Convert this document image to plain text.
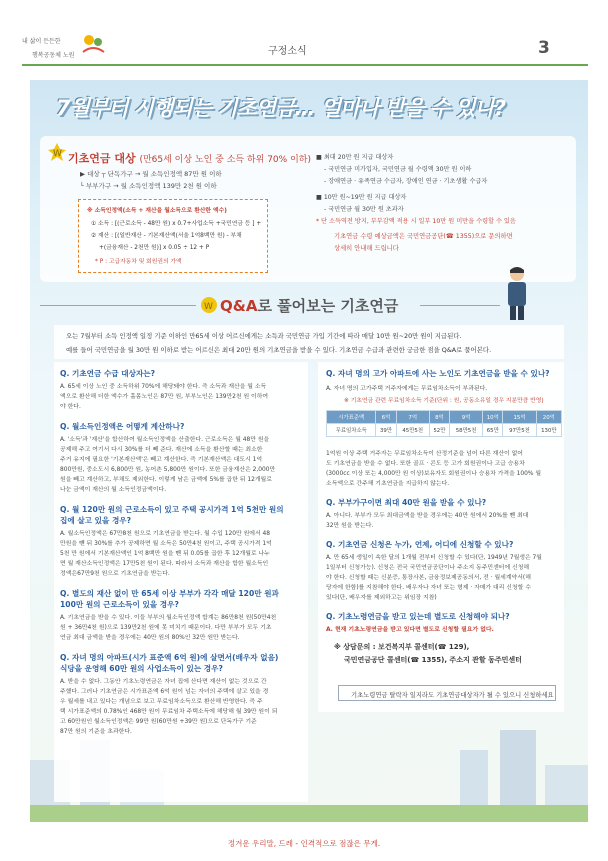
내 삶이 든든한
행복공동체 노원	구정소식	3
7월부터 시행되는 기초연금… 얼마나 받을 수 있나?
W 기초연금 대상 (만65세 이상 노인 중 소득 하위 70% 이하)
▶ 대상 ┬ 단독가구 → 월 소득인정액 87만 원 이하
└ 부부가구 → 월 소득인정액 139만 2천 원 이하
※ 소득인정액(소득 + 재산을 월소득으로 환산한 액수)
① 소득 : [(근로소득 - 48만 원) x 0.7+사업소득 +국민연금 등 ] +
② 재산 : [(일반재산 - 기본재산액(서울 1억8백만 원) - 부채
+(금융재산 - 2천만 원)] x 0.05 ÷ 12 + P
* P : 고급자동차 및 회원권의 가액
■ 최대 20만 원 지급 대상자
- 국민연금 미가입자, 국민연금 월 수령액 30만 원 이하
- 장애연금 · 유족연금 수급자, 장애인 연금 · 기초생활 수급자
■ 10만 원~19만 원 지급 대상자
- 국민연금 월 30만 원 초과자
* 단 소득역전 방지, 부부감액 적용 시 일부 10만 원 미만을 수령할 수 있음
기초연금 수령 예상금액은 국민연금공단(☎ 1355)으로 문의하면
상세히 안내해 드립니다
W Q&A로 풀어보는 기초연금
오는 7월부터 소득 인정액 일정 기준 이하인 만65세 이상 어르신에게는 소득과 국민연금 가입 기간에 따라 매달 10만 원~20만 원이 지급된다.
예를 들어 국민연금을 월 30만 원 이하로 받는 어르신은 최대 20만 원의 기초연금을 받을 수 있다. 기초연금 수급과 관련한 궁금한 점을 Q&A로 풀어본다.
Q. 기초연금 수급 대상자는?
A. 65세 이상 노인 중 소득하위 70%에 해당돼야 한다. 즉 소득과 재산을 월 소득
액으로 환산해 더한 액수가 홀몸노인은 87만 원, 부부노인은 139만2천 원 이하여
야 한다.
Q. 월소득인정액은 어떻게 계산하나?
A. '소득'과 '재산'을 합산하여 월소득인정액을 산출한다. 근로소득은 월 48만 원을
공제해 주고 여기서 다시 30%를 더 빼 준다. 재산에 소득을 환산할 때는 최소한
주거 유지에 필요한 '기본재산액'은 빼고 계산한다. 즉 기본재산액은 대도시 1억
800만원, 중소도시 6,800만 원, 농어촌 5,800만 원이다. 또한 금융재산은 2,000만
원을 빼고 계산하고, 부채도 제외한다. 이렇게 남은 금액에 5%를 곱한 뒤 12개월로
나눈 금액이 재산의 월 소득인정금액이다.
Q. 월 120만 원의 근로소득이 있고 주택 공시가격 1억 5천만 원의
집에 살고 있을 경우?
A. 월소득인정액은 67만8천 원으로 기초연금을 받는다. 월 수입 120만 원에서 48
만원을 뺀 뒤 30%를 추가 공제하면 월 소득은 50만4천 원이고, 주택 공시가격 1억
5천 만 원에서 기본재산액인 1억 8백만 원을 뺀 뒤 0.05를 곱한 후 12개월로 나누
면 월 재산소득인정액은 17만5천 원이 된다. 따라서 소득과 재산을 합한 월소득인
정액은67만9천 원으로 기초연금을 받는다.
Q. 별도의 재산 없이 만 65세 이상 부부가 각각 매달 120만 원과
100만 원의 근로소득이 있을 경우?
A. 기초연금을 받을 수 있다. 이들 부부의 월소득인정액 합계는 86만8천 원(50만4천
원 + 36만4천 원)으로 139만2천 원에 못 미치기 때문이다. 다만 부부가 모두 기초
연금 최대 금액을 받을 경우에는 40만 원의 80%인 32만 원만 받는다.
Q. 자녀 명의 아파트(시가 표준액 6억 원)에 살면서(배우자 없음)
식당을 운영해 60만 원의 사업소득이 있는 경우?
A. 받을 수 없다. 그동안 기초노령연금은 자녀 집에 산다면 재산이 없는 것으로 간
주했다. 그러나 기초연금은 시가표준액 6억 원이 넘는 자녀의 주택에 살고 있을 경
우 월세를 내고 있다는 개념으로 보고 무료임차소득으로 환산해 반영한다. 즉 주
택 시가표준액의 0.78%인 468만 원이 무료임차 주택소득에 해당해 월 39만 원이 되
고 60만원인 월소득인정액은 99만 원(60만원 +39만 원)으로 단독가구 기준
87만 원의 기준을 초과한다.
Q. 자녀 명의 고가 아파트에 사는 노인도 기초연금을 받을 수 있나?
A. 자녀 명의 고가주택 거주자에게는 무료임차소득이 부과된다.
※ 기초연금 관련 무료임차소득 기준(단위 : 원, 공동소유일 경우 지분만큼 반영)
시가표준액	6억	7억	8억	9억	10억	15억	20억
무료임차소득	39만	45만5천	52만	58만5천	65만	97만5천	130만
1억원 이상 주택 거주자는 무료임차소득이 산정기준을 넘어 다른 재산이 없어
도 기초연금을 받을 수 없다. 또한 골프 · 콘도 등 고가 회원권이나 고급 승용차
(3000cc 이상 또는 4,000만 원 이상)보유자도 회원권이나 승용차 가격을 100% 월
소득액으로 간주해 기초연금을 지급하지 않는다.
Q. 부부가구이면 최대 40만 원을 받을 수 있나?
A. 아니다. 부부가 모두 최대금액을 받을 경우에는 40만 원에서 20%를 뺀 최대
32만 원을 받는다.
Q. 기초연금 신청은 누가, 언제, 어디에 신청할 수 있나?
A. 만 65세 생일이 속한 달의 1개월 전부터 신청할 수 있다(단, 1949년 7월생은 7월
1일부터 신청가능). 신청은 전국 국민연금공단이나 주소지 동주민센터에 신청해
야 한다. 신청할 때는 신분증, 통장사본, 금융정보제공동의서, 전 · 월세계약서(해
당자에 한함)를 지참해야 한다. 배우자나 자녀 또는 형제 · 자매가 대리 신청할 수
있다(단, 배우자를 제외하고는 위임장 지참)
Q. 기초노령연금을 받고 있는데 별도로 신청해야 되나?
A. 현재 기초노령연금을 받고 있다면 별도로 신청할 필요가 없다.
※ 상담문의 : 보건복지부 콜센터(☎ 129),
국민연금공단 콜센터(☎ 1355), 주소지 관할 동주민센터
기초노령연금 탈락자 일지라도 기초연금대상자가 될 수 있으니 신청하세요
정겨운 우리말, 드레 - 인격적으로 점잖은 무게.
